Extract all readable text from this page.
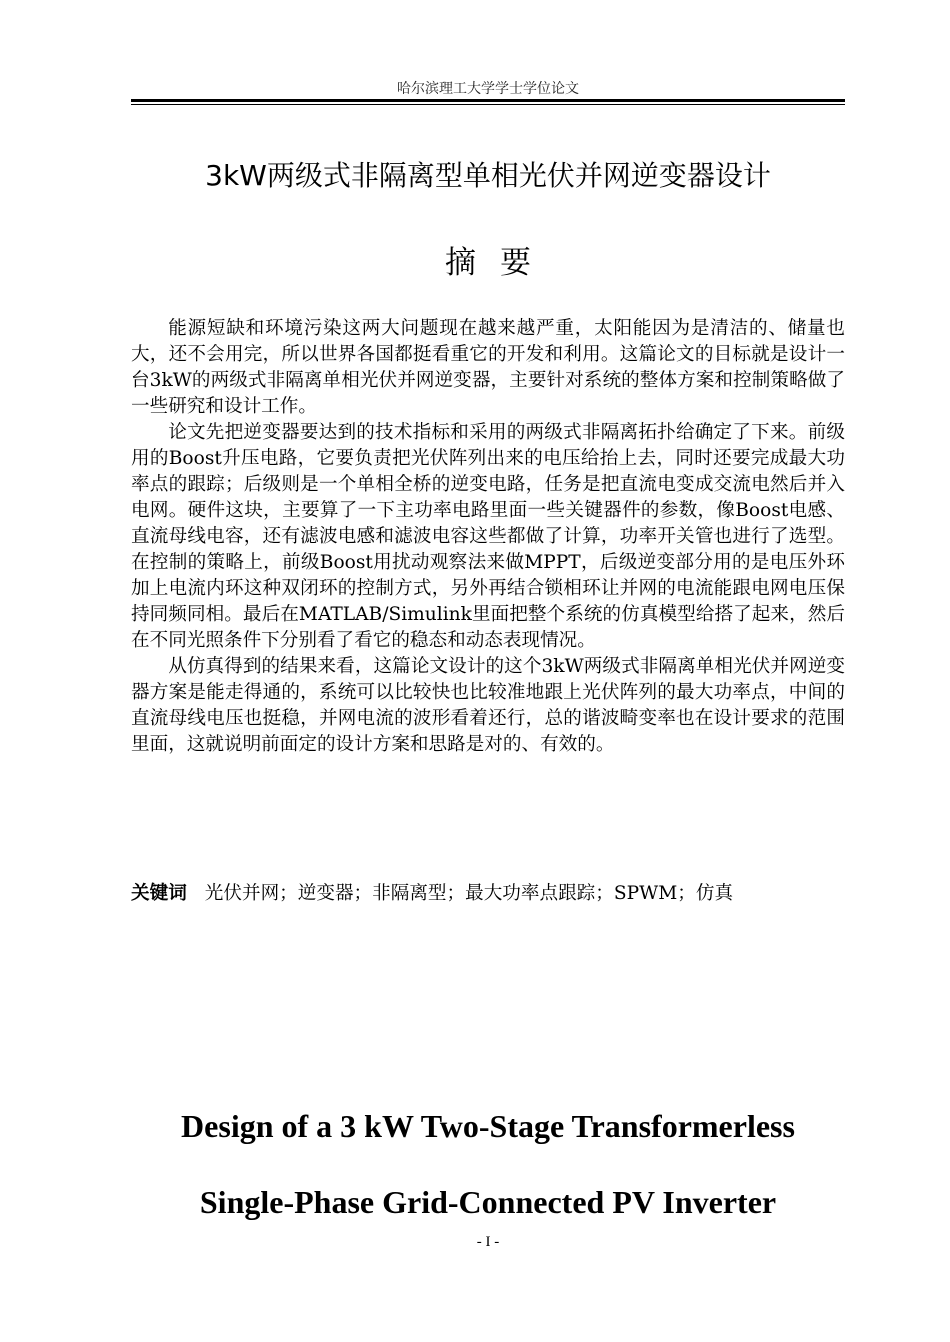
哈尔滨理工大学学士学位论文
3kW两级式非隔离型单相光伏并网逆变器设计
摘要

能源短缺和环境污染这两大问题现在越来越严重，太阳能因为是清洁的、储量也大，还不会用完，所以世界各国都挺看重它的开发和利用。这篇论文的目标就是设计一台3kW的两级式非隔离单相光伏并网逆变器，主要针对系统的整体方案和控制策略做了一些研究和设计工作。

论文先把逆变器要达到的技术指标和采用的两级式非隔离拓扑给确定了下来。前级用的Boost升压电路，它要负责把光伏阵列出来的电压给抬上去，同时还要完成最大功率点的跟踪；后级则是一个单相全桥的逆变电路，任务是把直流电变成交流电然后并入电网。硬件这块，主要算了一下主功率电路里面一些关键器件的参数，像Boost电感、直流母线电容，还有滤波电感和滤波电容这些都做了计算，功率开关管也进行了选型。在控制的策略上，前级Boost用扰动观察法来做MPPT，后级逆变部分用的是电压外环加上电流内环这种双闭环的控制方式，另外再结合锁相环让并网的电流能跟电网电压保持同频同相。最后在MATLAB/Simulink里面把整个系统的仿真模型给搭了起来，然后在不同光照条件下分别看了看它的稳态和动态表现情况。

从仿真得到的结果来看，这篇论文设计的这个3kW两级式非隔离单相光伏并网逆变器方案是能走得通的，系统可以比较快也比较准地跟上光伏阵列的最大功率点，中间的直流母线电压也挺稳，并网电流的波形看着还行，总的谐波畸变率也在设计要求的范围里面，这就说明前面定的设计方案和思路是对的、有效的。

关键词 光伏并网；逆变器；非隔离型；最大功率点跟踪；SPWM；仿真
Design of a 3 kW Two-Stage Transformerless
Single-Phase Grid-Connected PV Inverter
- I -
